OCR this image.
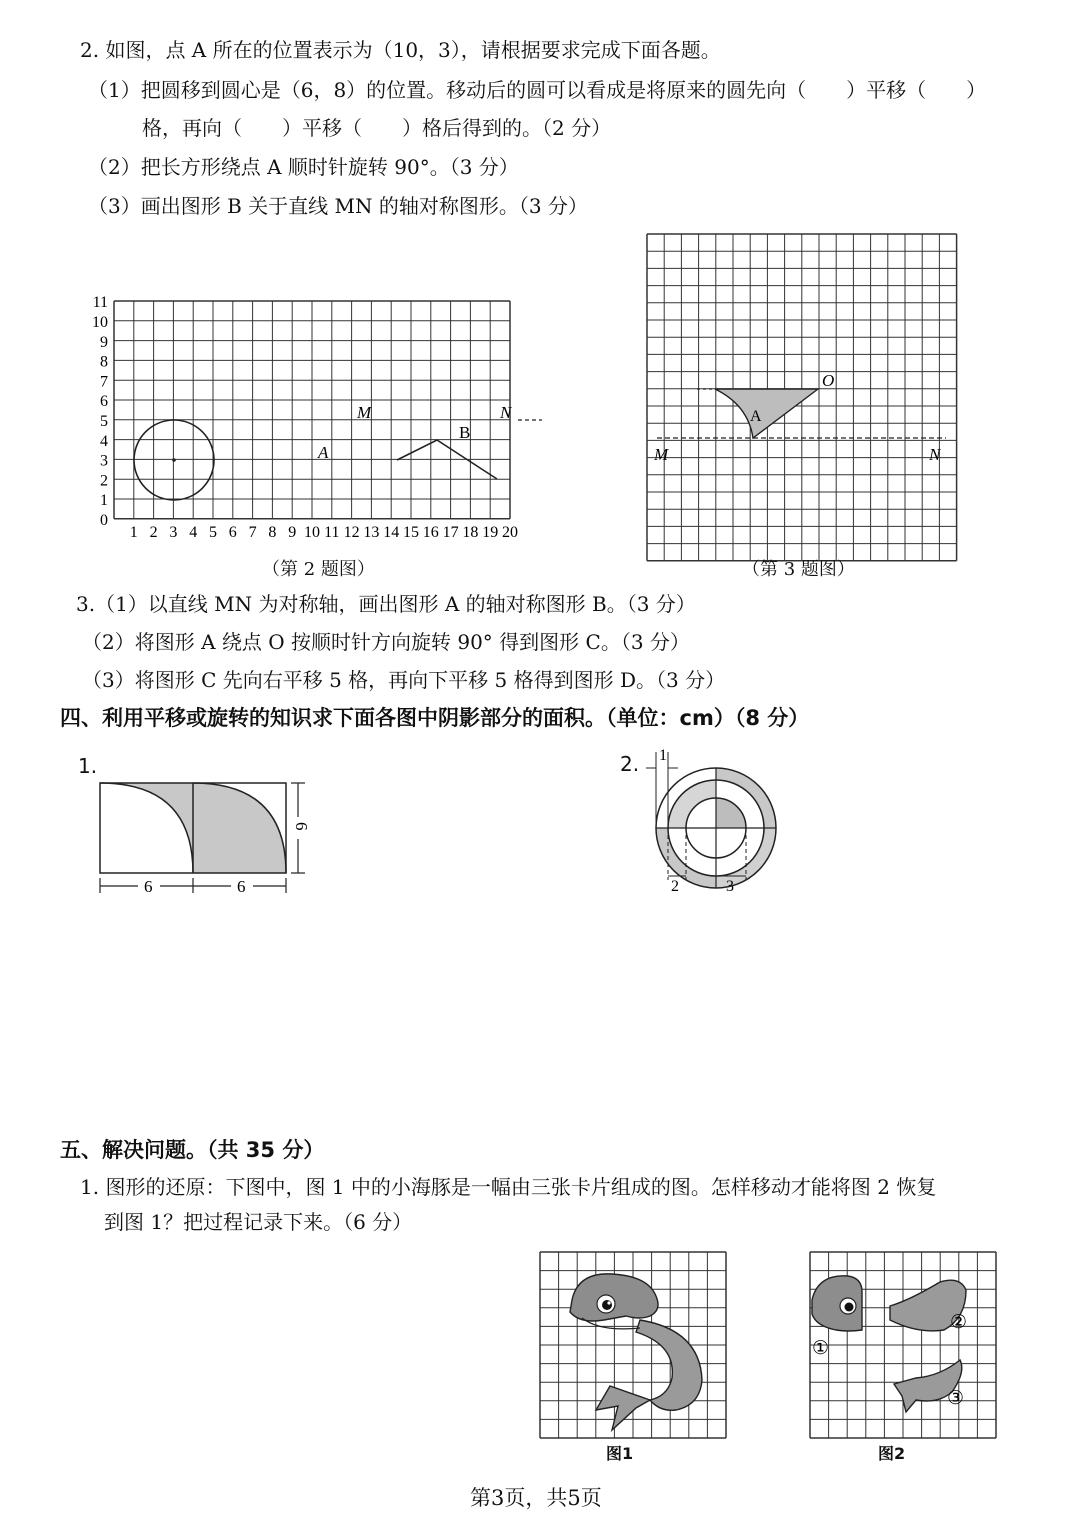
2. 如图，点 A 所在的位置表示为（10，3），请根据要求完成下面各题。
（1）把圆移到圆心是（6，8）的位置。移动后的圆可以看成是将原来的圆先向（　　）平移（　　）
格，再向（　　）平移（　　）格后得到的。（2 分）
（2）把长方形绕点 A 顺时针旋转 90°。（3 分）
（3）画出图形 B 关于直线 MN 的轴对称图形。（3 分）
0
1
2
3
4
5
6
7
8
9
10
11
1 2 3 4 5 6 7 8 9 10 11 12 13 14 15 16 17 18 19 20
M	N
A
B
（第 2 题图）
O
A
M	N
（第 3 题图）
3.（1）以直线 MN 为对称轴，画出图形 A 的轴对称图形 B。（3 分）
（2）将图形 A 绕点 O 按顺时针方向旋转 90° 得到图形 C。（3 分）
（3）将图形 C 先向右平移 5 格，再向下平移 5 格得到图形 D。（3 分）
四、利用平移或旋转的知识求下面各图中阴影部分的面积。（单位：cm）（8 分）
1.
6	6
6
2. 1
2	3
五、解决问题。（共 35 分）
1. 图形的还原：下图中，图 1 中的小海豚是一幅由三张卡片组成的图。怎样移动才能将图 2 恢复
到图 1？把过程记录下来。（6 分）
①
②
③
图1	图2
第3页，共5页
